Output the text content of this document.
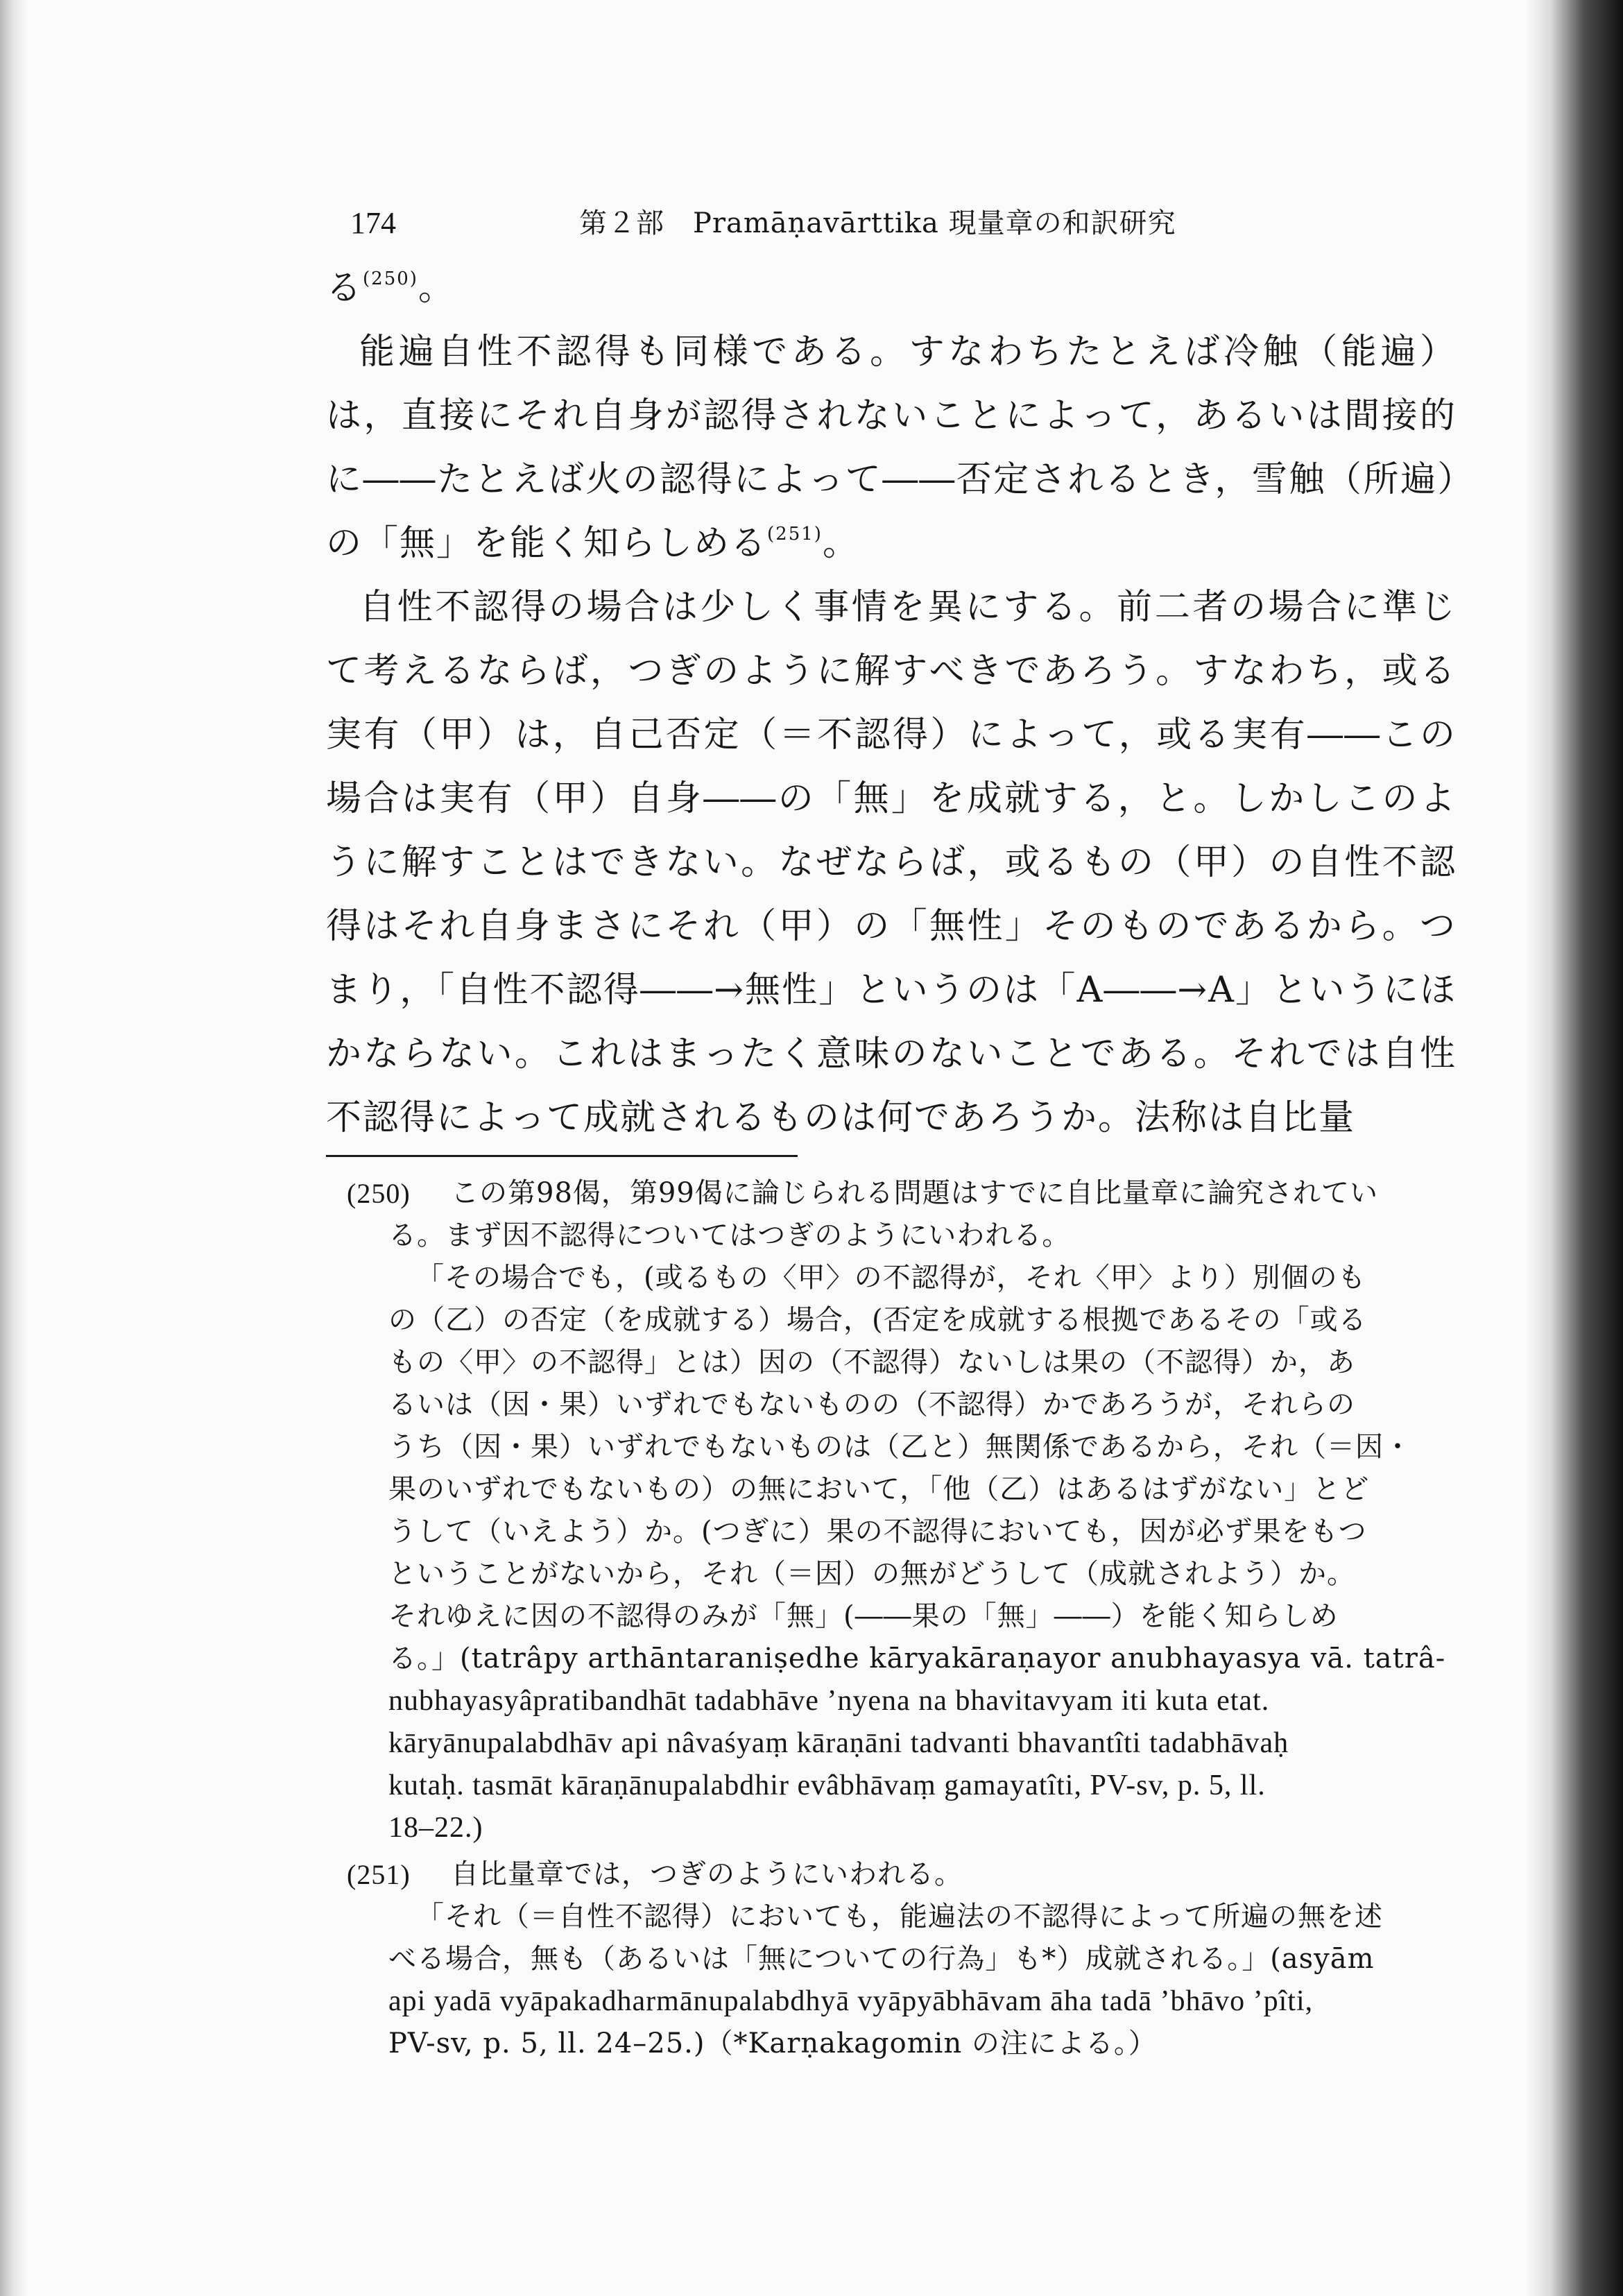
174	第２部　Pramāṇavārttika 現量章の和訳研究

る$^{(250)}$。

能遍自性不認得も同様である。すなわちたとえば冷触（能遍）は，直接にそれ自身が認得されないことによって，あるいは間接的に――たとえば火の認得によって――否定されるとき，雪触（所遍）の「無」を能く知らしめる$^{(251)}$。

自性不認得の場合は少しく事情を異にする。前二者の場合に準じて考えるならば，つぎのように解すべきであろう。すなわち，或る実有（甲）は，自己否定（＝不認得）によって，或る実有――この場合は実有（甲）自身――の「無」を成就する，と。しかしこのように解すことはできない。なぜならば，或るもの（甲）の自性不認得はそれ自身まさにそれ（甲）の「無性」そのものであるから。つまり，「自性不認得――→無性」というのは「A――→A」というにほかならない。これはまったく意味のないことである。それでは自性不認得によって成就されるものは何であろうか。法称は自比量

(250)	この第98偈，第99偈に論じられる問題はすでに自比量章に論究されてい

る。まず因不認得についてはつぎのようにいわれる。

「その場合でも，(或るもの〈甲〉の不認得が，それ〈甲〉より）別個のも

の（乙）の否定（を成就する）場合，(否定を成就する根拠であるその「或る

もの〈甲〉の不認得」とは）因の（不認得）ないしは果の（不認得）か，あ

るいは（因・果）いずれでもないものの（不認得）かであろうが，それらの

うち（因・果）いずれでもないものは（乙と）無関係であるから，それ（＝因・

果のいずれでもないもの）の無において，「他（乙）はあるはずがない」とど

うして（いえよう）か。(つぎに）果の不認得においても，因が必ず果をもつ

ということがないから，それ（＝因）の無がどうして（成就されよう）か。

それゆえに因の不認得のみが「無」(――果の「無」――）を能く知らしめ

る。」(tatrâpy arthāntaraniṣedhe kāryakāraṇayor anubhayasya vā. tatrâ-

nubhayasyâpratibandhāt tadabhāve ’nyena na bhavitavyam iti kuta etat.

kāryānupalabdhāv api nâvaśyaṃ kāraṇāni tadvanti bhavantîti tadabhāvaḥ

kutaḥ. tasmāt kāraṇānupalabdhir evâbhāvaṃ gamayatîti, PV-sv, p. 5, ll.

18–22.)

(251)	自比量章では，つぎのようにいわれる。

「それ（＝自性不認得）においても，能遍法の不認得によって所遍の無を述

べる場合，無も（あるいは「無についての行為」も*）成就される。」(asyām

api yadā vyāpakadharmānupalabdhyā vyāpyābhāvam āha tadā ’bhāvo ’pîti,

PV-sv, p. 5, ll. 24–25.)（*Karṇakagomin の注による。）
